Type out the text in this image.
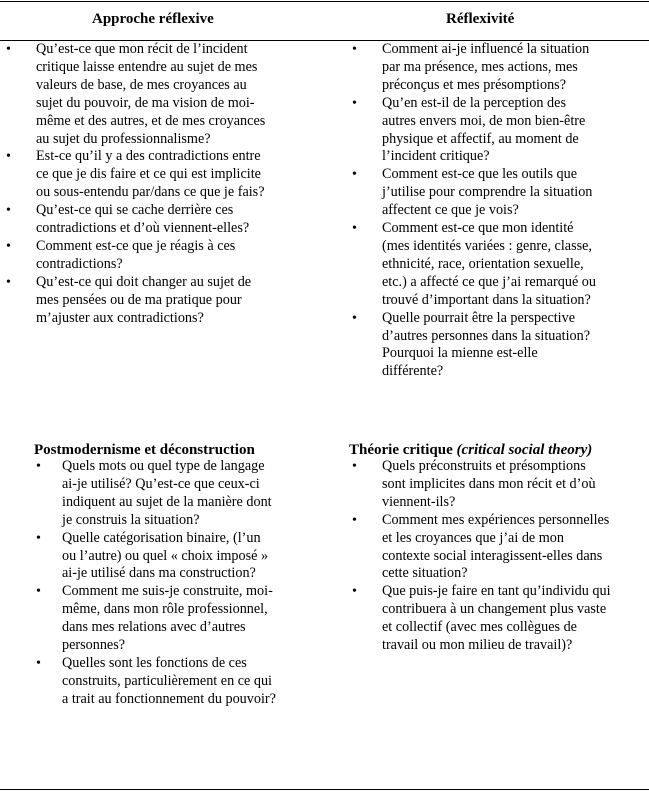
Approche réflexive	Réflexivité
• Qu’est-ce que mon récit de l’incident critique laisse entendre au sujet de mes valeurs de base, de mes croyances au sujet du pouvoir, de ma vision de moi-même et des autres, et de mes croyances au sujet du professionnalisme?
• Est-ce qu’il y a des contradictions entre ce que je dis faire et ce qui est implicite ou sous-entendu par/dans ce que je fais?
• Qu’est-ce qui se cache derrière ces contradictions et d’où viennent-elles?
• Comment est-ce que je réagis à ces contradictions?
• Qu’est-ce qui doit changer au sujet de mes pensées ou de ma pratique pour m’ajuster aux contradictions?
• Comment ai-je influencé la situation par ma présence, mes actions, mes préconçus et mes présomptions?
• Qu’en est-il de la perception des autres envers moi, de mon bien-être physique et affectif, au moment de l’incident critique?
• Comment est-ce que les outils que j’utilise pour comprendre la situation affectent ce que je vois?
• Comment est-ce que mon identité (mes identités variées : genre, classe, ethnicité, race, orientation sexuelle, etc.) a affecté ce que j’ai remarqué ou trouvé d’important dans la situation?
• Quelle pourrait être la perspective d’autres personnes dans la situation? Pourquoi la mienne est-elle différente?
Postmodernisme et déconstruction	Théorie critique (critical social theory)
• Quels mots ou quel type de langage ai-je utilisé? Qu’est-ce que ceux-ci indiquent au sujet de la manière dont je construis la situation?
• Quelle catégorisation binaire, (l’un ou l’autre) ou quel « choix imposé » ai-je utilisé dans ma construction?
• Comment me suis-je construite, moi-même, dans mon rôle professionnel, dans mes relations avec d’autres personnes?
• Quelles sont les fonctions de ces construits, particulièrement en ce qui a trait au fonctionnement du pouvoir?
• Quels préconstruits et présomptions sont implicites dans mon récit et d’où viennent-ils?
• Comment mes expériences personnelles et les croyances que j’ai de mon contexte social interagissent-elles dans cette situation?
• Que puis-je faire en tant qu’individu qui contribuera à un changement plus vaste et collectif (avec mes collègues de travail ou mon milieu de travail)?
